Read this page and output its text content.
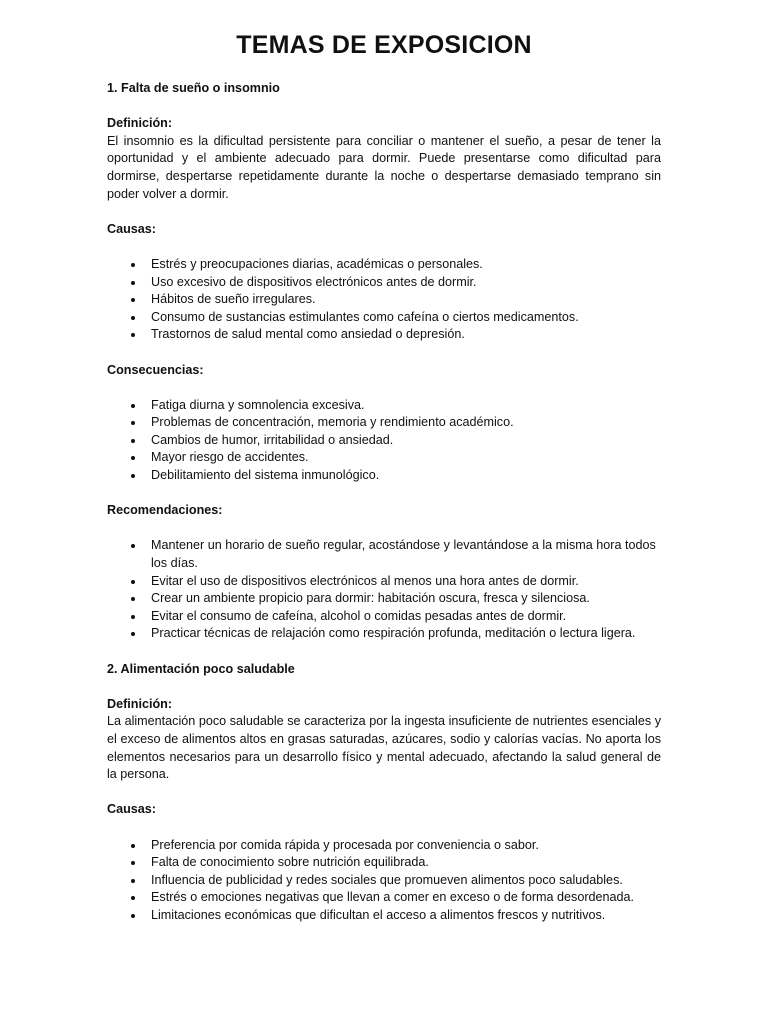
TEMAS DE EXPOSICION

1. Falta de sueño o insomnio

Definición:

El insomnio es la dificultad persistente para conciliar o mantener el sueño, a pesar de tener la oportunidad y el ambiente adecuado para dormir. Puede presentarse como dificultad para dormirse, despertarse repetidamente durante la noche o despertarse demasiado temprano sin poder volver a dormir.

Causas:

Estrés y preocupaciones diarias, académicas o personales.
Uso excesivo de dispositivos electrónicos antes de dormir.
Hábitos de sueño irregulares.
Consumo de sustancias estimulantes como cafeína o ciertos medicamentos.
Trastornos de salud mental como ansiedad o depresión.

Consecuencias:

Fatiga diurna y somnolencia excesiva.
Problemas de concentración, memoria y rendimiento académico.
Cambios de humor, irritabilidad o ansiedad.
Mayor riesgo de accidentes.
Debilitamiento del sistema inmunológico.

Recomendaciones:

Mantener un horario de sueño regular, acostándose y levantándose a la misma hora todos los días.
Evitar el uso de dispositivos electrónicos al menos una hora antes de dormir.
Crear un ambiente propicio para dormir: habitación oscura, fresca y silenciosa.
Evitar el consumo de cafeína, alcohol o comidas pesadas antes de dormir.
Practicar técnicas de relajación como respiración profunda, meditación o lectura ligera.

2. Alimentación poco saludable

Definición:

La alimentación poco saludable se caracteriza por la ingesta insuficiente de nutrientes esenciales y el exceso de alimentos altos en grasas saturadas, azúcares, sodio y calorías vacías. No aporta los elementos necesarios para un desarrollo físico y mental adecuado, afectando la salud general de la persona.

Causas:

Preferencia por comida rápida y procesada por conveniencia o sabor.
Falta de conocimiento sobre nutrición equilibrada.
Influencia de publicidad y redes sociales que promueven alimentos poco saludables.
Estrés o emociones negativas que llevan a comer en exceso o de forma desordenada.
Limitaciones económicas que dificultan el acceso a alimentos frescos y nutritivos.
